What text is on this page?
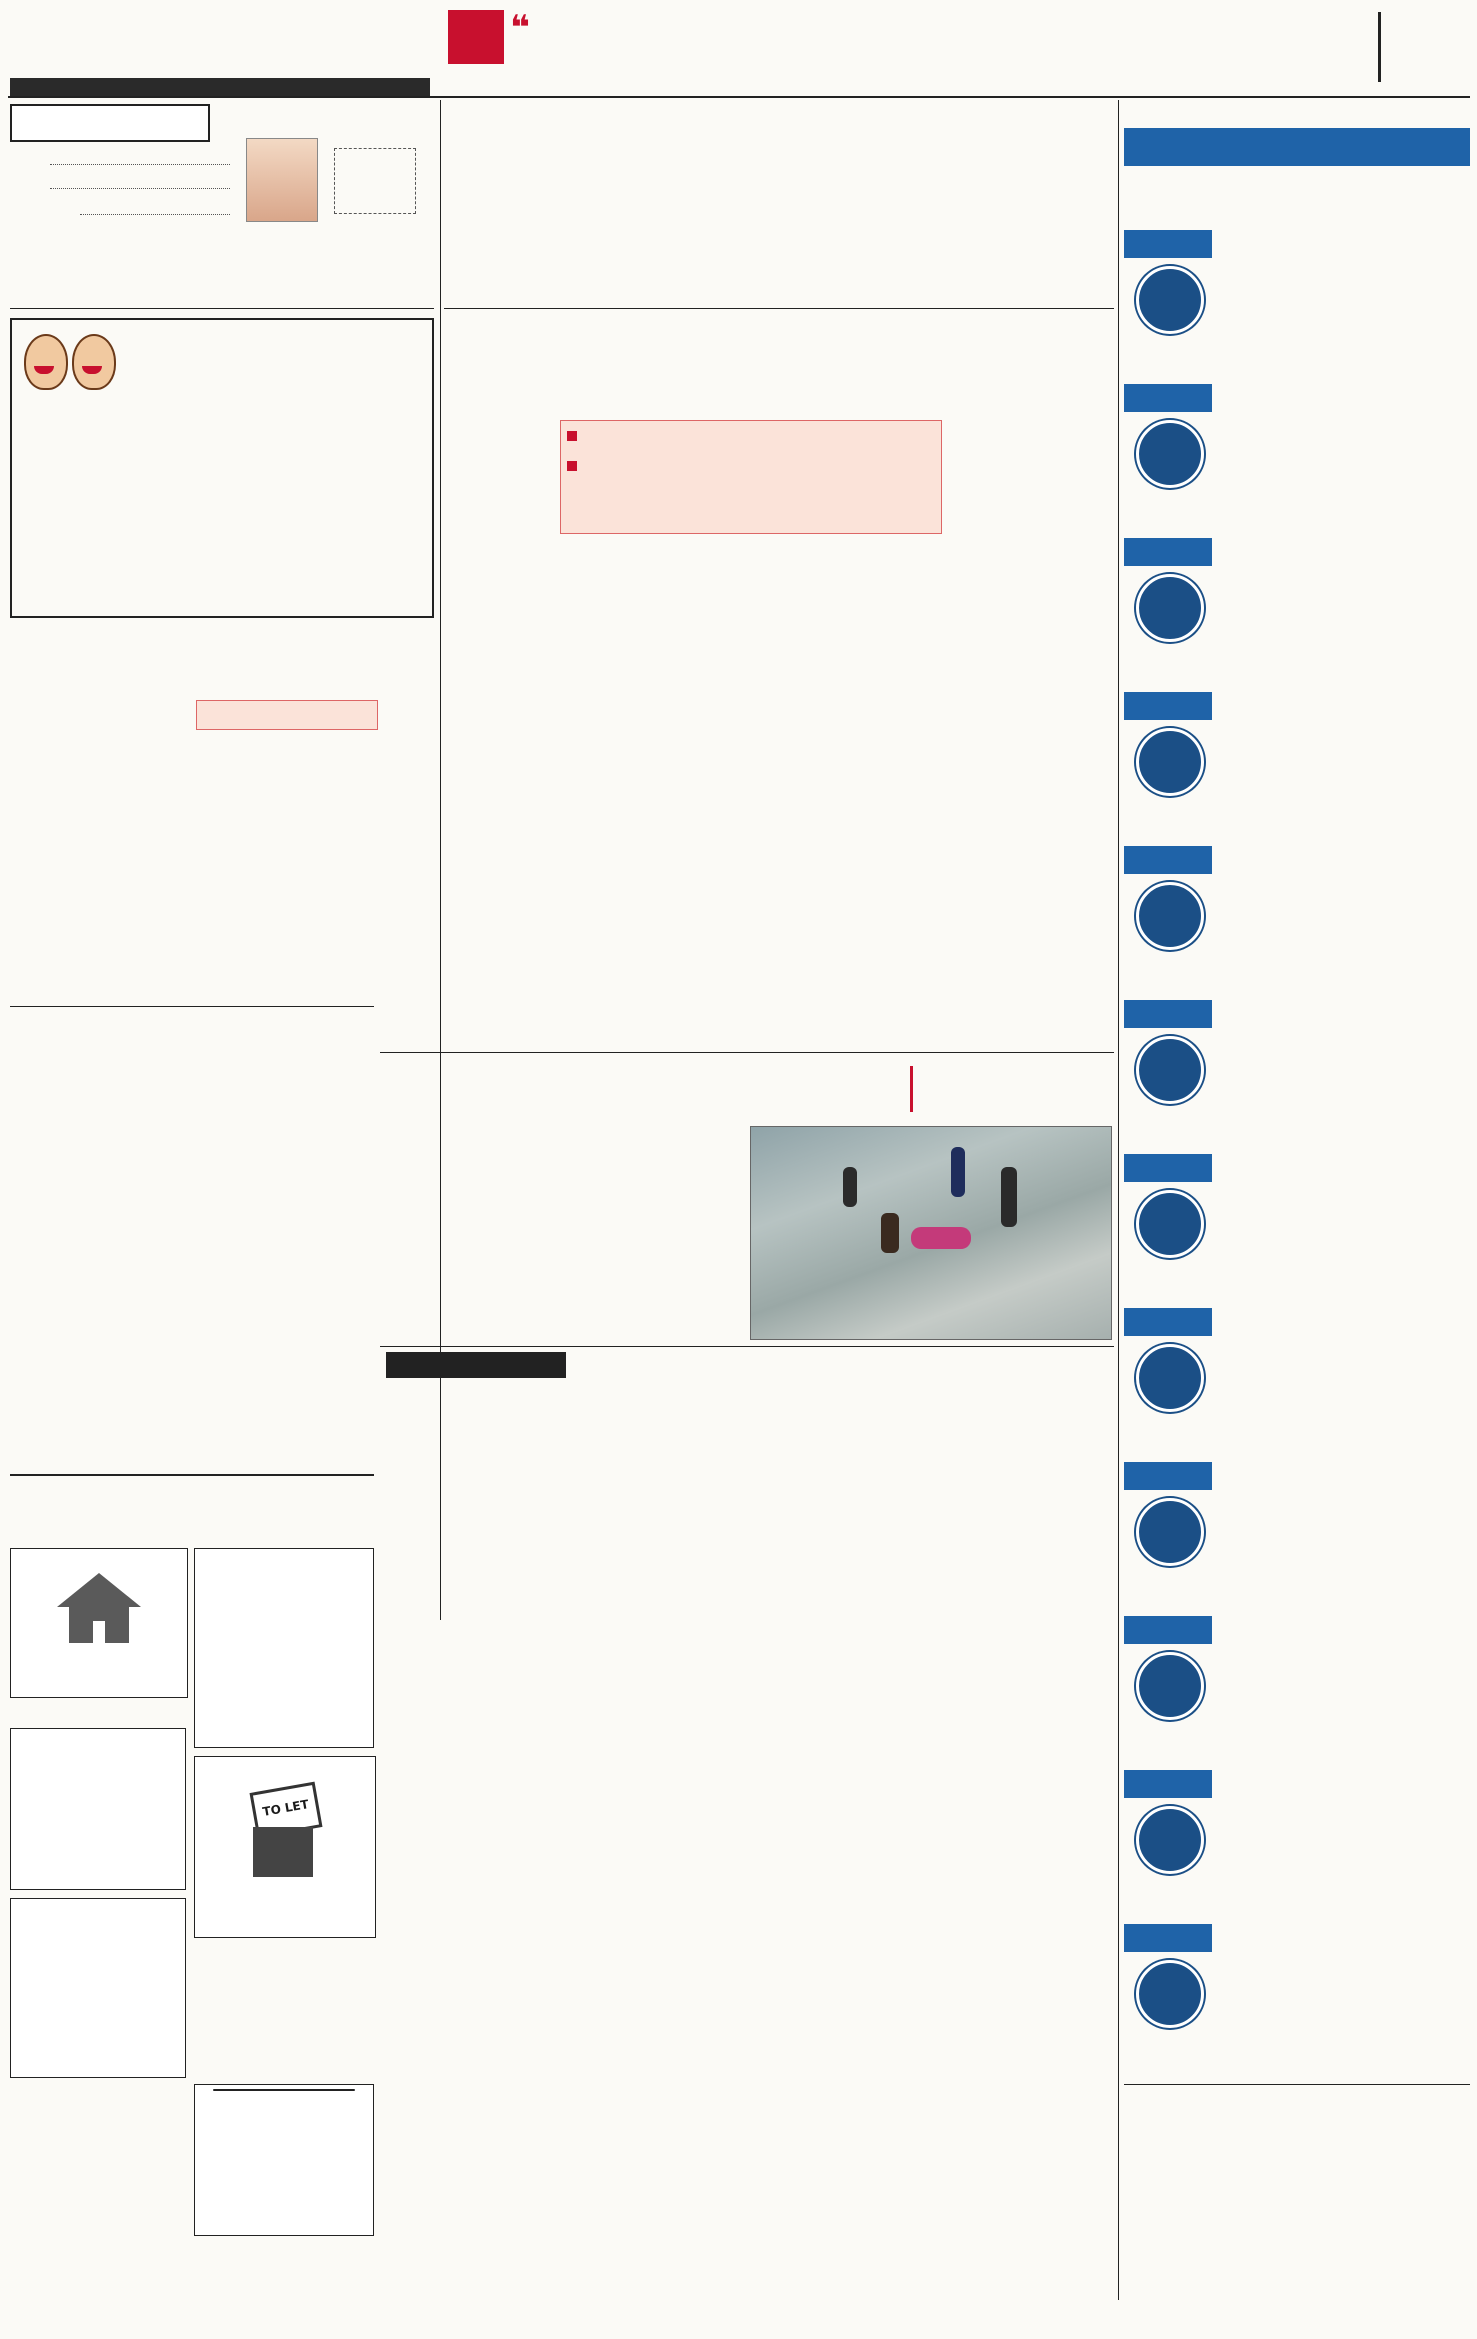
❝
TO LET
